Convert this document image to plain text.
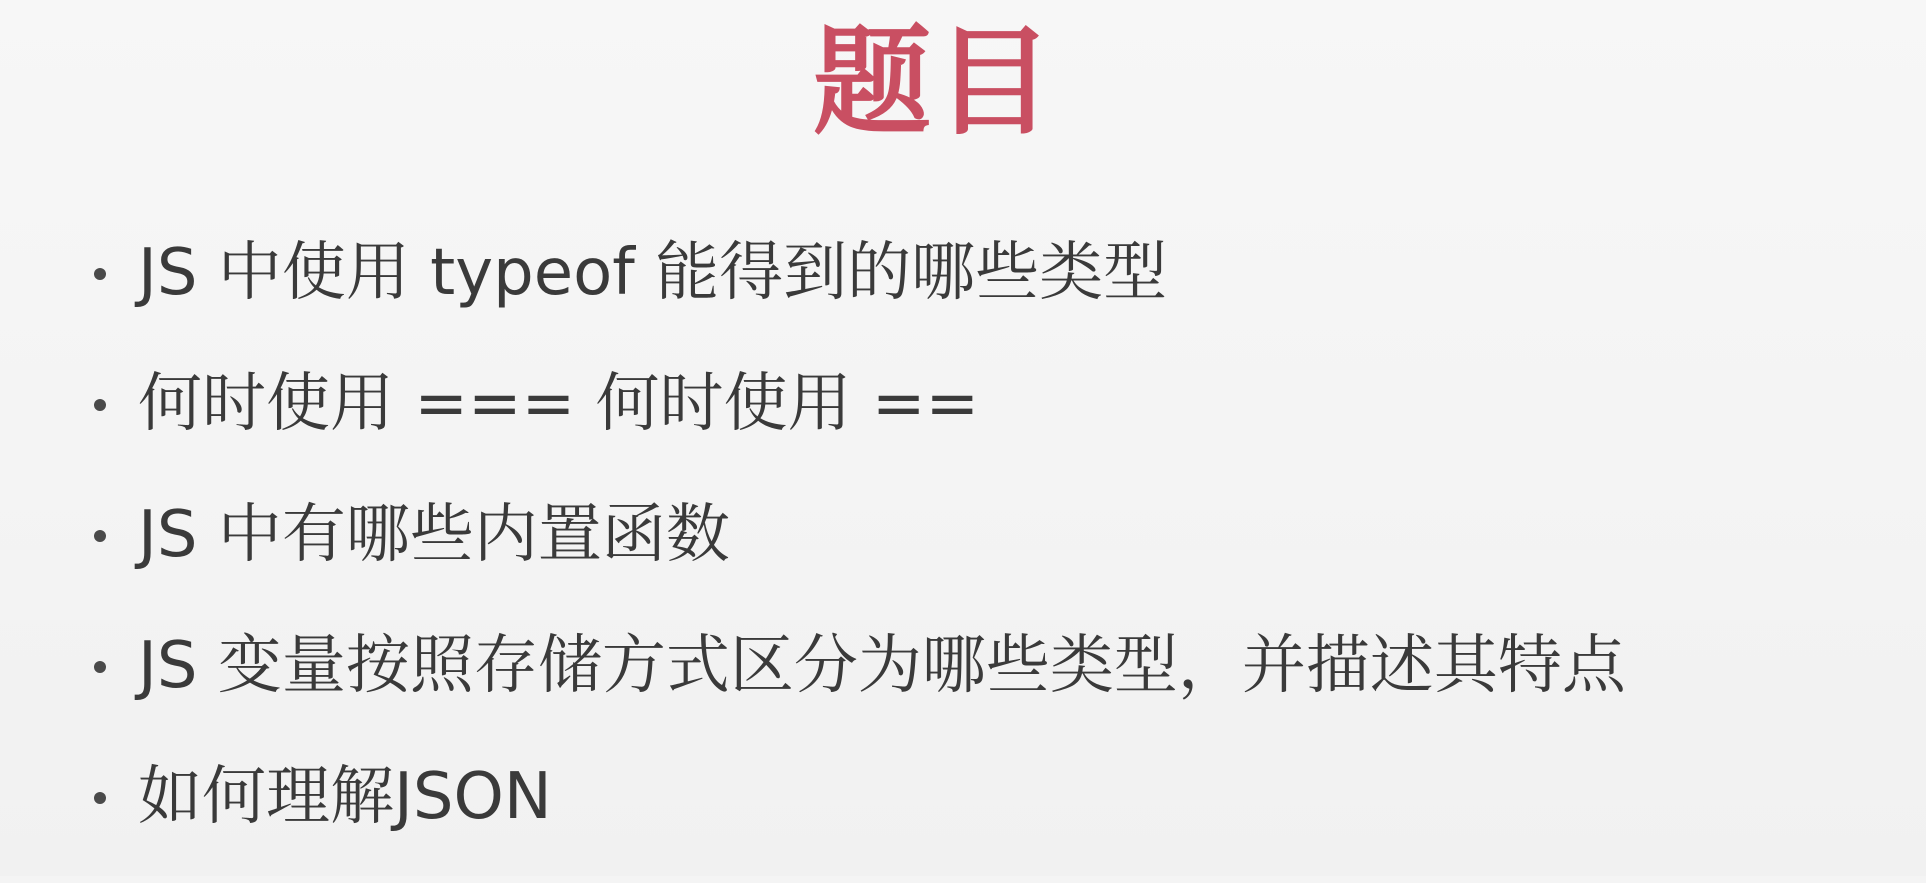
题目
JS 中使用 typeof 能得到的哪些类型
何时使用 === 何时使用 ==
JS 中有哪些内置函数
JS 变量按照存储方式区分为哪些类型，并描述其特点
如何理解JSON
